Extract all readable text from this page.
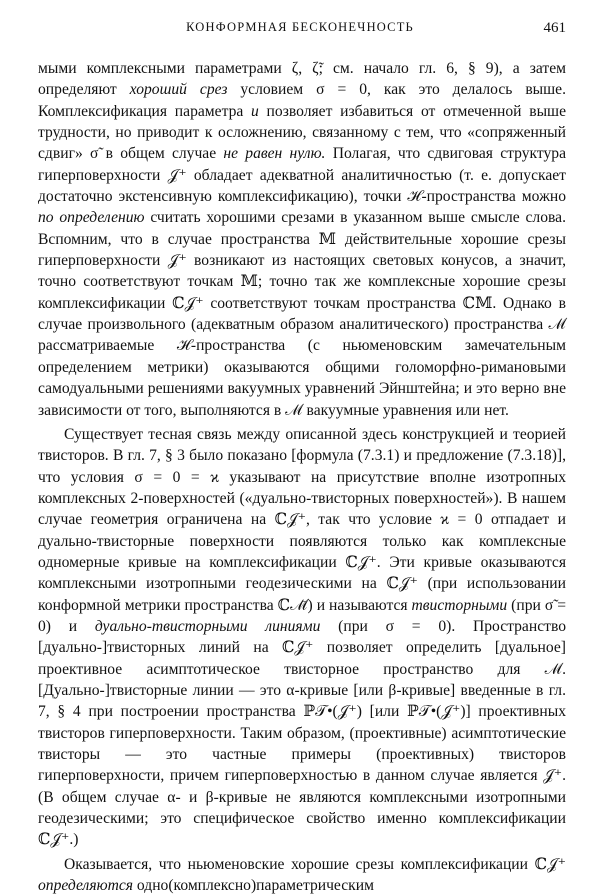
КОНФОРМНАЯ БЕСКОНЕЧНОСТЬ	461

мыми комплексными параметрами ζ, ζ̃; см. начало гл. 6, § 9), а затем определяют хороший срез условием σ = 0, как это делалось выше. Комплексификация параметра u позволяет избавиться от отмеченной выше трудности, но приводит к осложнению, связанному с тем, что «сопряженный сдвиг» σ̃ в общем случае не равен нулю. Полагая, что сдвиговая структура гиперповерхности 𝒥⁺ обладает адекватной аналитичностью (т. е. допускает достаточно экстенсивную комплексификацию), точки ℋ-пространства можно по определению считать хорошими срезами в указанном выше смысле слова. Вспомним, что в случае пространства 𝕄 действительные хорошие срезы гиперповерхности 𝒥⁺ возникают из настоящих световых конусов, а значит, точно соответствуют точкам 𝕄; точно так же комплексные хорошие срезы комплексификации ℂ𝒥⁺ соответствуют точкам пространства ℂ𝕄. Однако в случае произвольного (адекватным образом аналитического) пространства ℳ рассматриваемые ℋ-пространства (с ньюменовским замечательным определением метрики) оказываются общими голоморфно-римановыми самодуальными решениями вакуумных уравнений Эйнштейна; и это верно вне зависимости от того, выполняются в ℳ вакуумные уравнения или нет.

Существует тесная связь между описанной здесь конструкцией и теорией твисторов. В гл. 7, § 3 было показано [формула (7.3.1) и предложение (7.3.18)], что условия σ = 0 = ϰ указывают на присутствие вполне изотропных комплексных 2-поверхностей («дуально-твисторных поверхностей»). В нашем случае геометрия ограничена на ℂ𝒥⁺, так что условие ϰ = 0 отпадает и дуально-твисторные поверхности появляются только как комплексные одномерные кривые на комплексификации ℂ𝒥⁺. Эти кривые оказываются комплексными изотропными геодезическими на ℂ𝒥⁺ (при использовании конформной метрики пространства ℂℳ̃) и называются твисторными (при σ̃ = 0) и дуально-твисторными линиями (при σ = 0). Пространство [дуально-]твисторных линий на ℂ𝒥⁺ позволяет определить [дуальное] проективное асимптотическое твисторное пространство для ℳ. [Дуально-]твисторные линии — это α-кривые [или β-кривые] введенные в гл. 7, § 4 при построении пространства ℙ𝒯•(𝒥⁺) [или ℙ𝒯•(𝒥⁺)] проективных твисторов гиперповерхности. Таким образом, (проективные) асимптотические твисторы — это частные примеры (проективных) твисторов гиперповерхности, причем гиперповерхностью в данном случае является 𝒥⁺. (В общем случае α- и β-кривые не являются комплексными изотропными геодезическими; это специфическое свойство именно комплексификации ℂ𝒥⁺.)

Оказывается, что ньюменовские хорошие срезы комплексификации ℂ𝒥⁺ определяются одно(комплексно)параметрическим
